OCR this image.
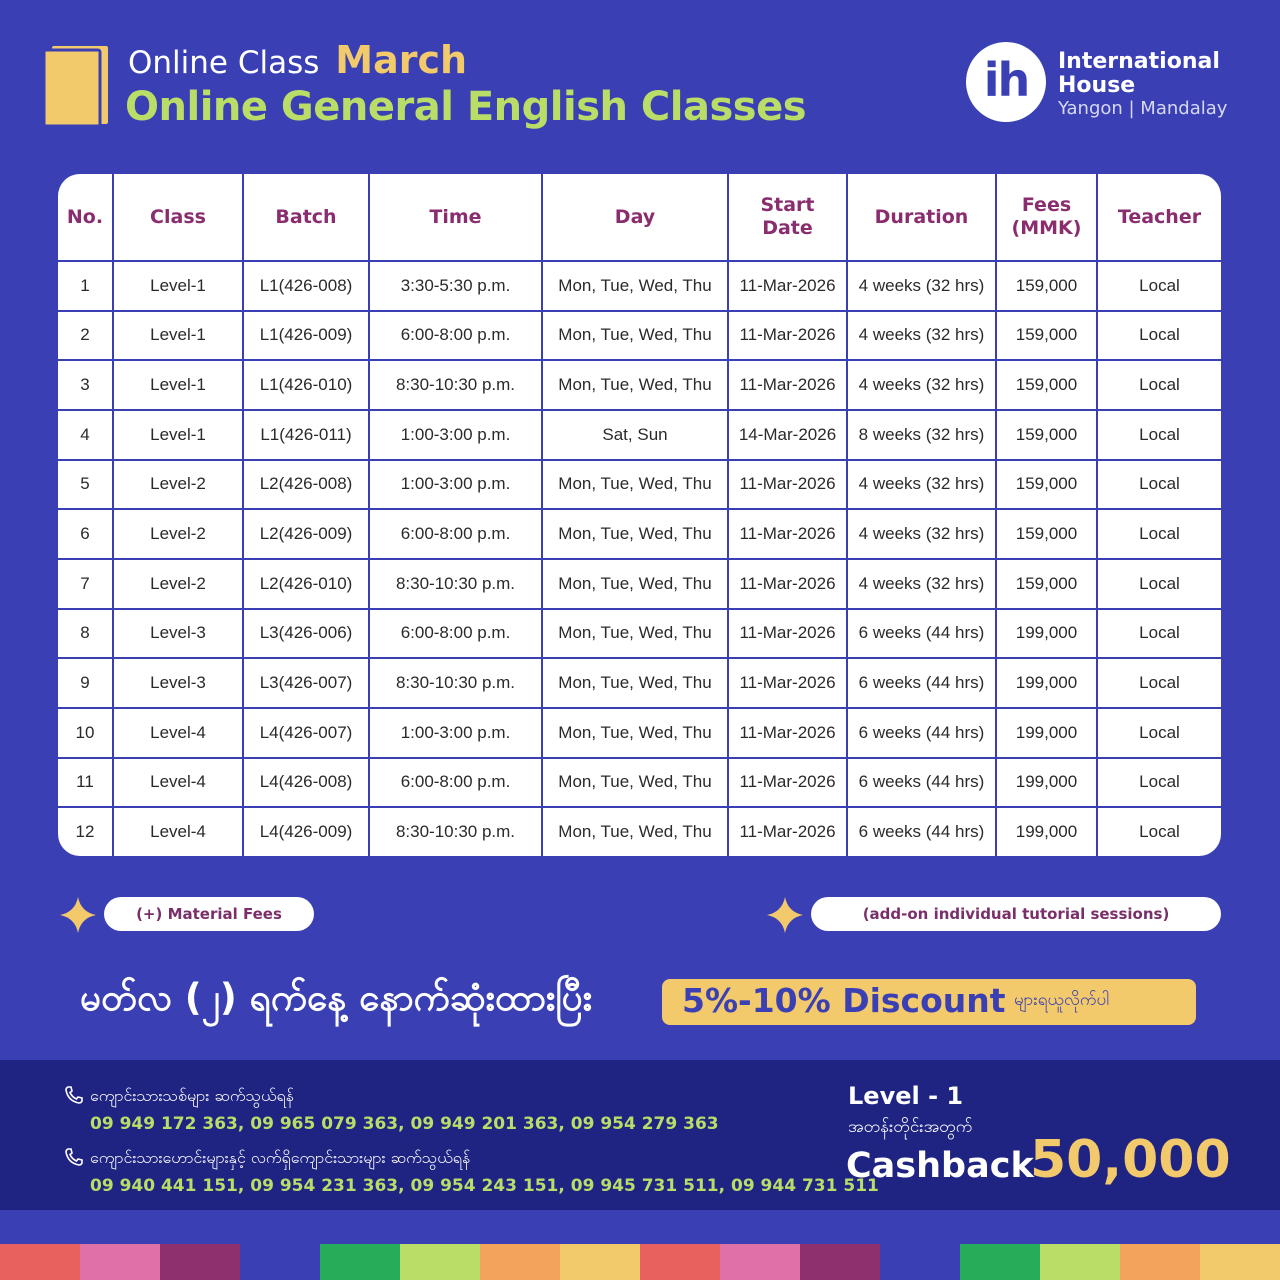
Online Class March
Online General English Classes	ih	International
House
Yangon | Mandalay
No.	Class	Batch	Time	Day	Start Date	Duration	Fees (MMK)	Teacher
1	Level-1	L1(426-008)	3:30-5:30 p.m.	Mon, Tue, Wed, Thu	11-Mar-2026	4 weeks (32 hrs)	159,000	Local
2	Level-1	L1(426-009)	6:00-8:00 p.m.	Mon, Tue, Wed, Thu	11-Mar-2026	4 weeks (32 hrs)	159,000	Local
3	Level-1	L1(426-010)	8:30-10:30 p.m.	Mon, Tue, Wed, Thu	11-Mar-2026	4 weeks (32 hrs)	159,000	Local
4	Level-1	L1(426-011)	1:00-3:00 p.m.	Sat, Sun	14-Mar-2026	8 weeks (32 hrs)	159,000	Local
5	Level-2	L2(426-008)	1:00-3:00 p.m.	Mon, Tue, Wed, Thu	11-Mar-2026	4 weeks (32 hrs)	159,000	Local
6	Level-2	L2(426-009)	6:00-8:00 p.m.	Mon, Tue, Wed, Thu	11-Mar-2026	4 weeks (32 hrs)	159,000	Local
7	Level-2	L2(426-010)	8:30-10:30 p.m.	Mon, Tue, Wed, Thu	11-Mar-2026	4 weeks (32 hrs)	159,000	Local
8	Level-3	L3(426-006)	6:00-8:00 p.m.	Mon, Tue, Wed, Thu	11-Mar-2026	6 weeks (44 hrs)	199,000	Local
9	Level-3	L3(426-007)	8:30-10:30 p.m.	Mon, Tue, Wed, Thu	11-Mar-2026	6 weeks (44 hrs)	199,000	Local
10	Level-4	L4(426-007)	1:00-3:00 p.m.	Mon, Tue, Wed, Thu	11-Mar-2026	6 weeks (44 hrs)	199,000	Local
11	Level-4	L4(426-008)	6:00-8:00 p.m.	Mon, Tue, Wed, Thu	11-Mar-2026	6 weeks (44 hrs)	199,000	Local
12	Level-4	L4(426-009)	8:30-10:30 p.m.	Mon, Tue, Wed, Thu	11-Mar-2026	6 weeks (44 hrs)	199,000	Local
(+) Material Fees	(add-on individual tutorial sessions)
မတ်လ (၂) ရက်နေ့ နောက်ဆုံးထားပြီး	5%-10% Discount များရယူလိုက်ပါ
ကျောင်းသားသစ်များ ဆက်သွယ်ရန်
09 949 172 363, 09 965 079 363, 09 949 201 363, 09 954 279 363
ကျောင်းသားဟောင်းများနှင့် လက်ရှိကျောင်းသားများ ဆက်သွယ်ရန်
09 940 441 151, 09 954 231 363, 09 954 243 151, 09 945 731 511, 09 944 731 511
Level - 1
အတန်းတိုင်းအတွက်
Cashback
50,000
